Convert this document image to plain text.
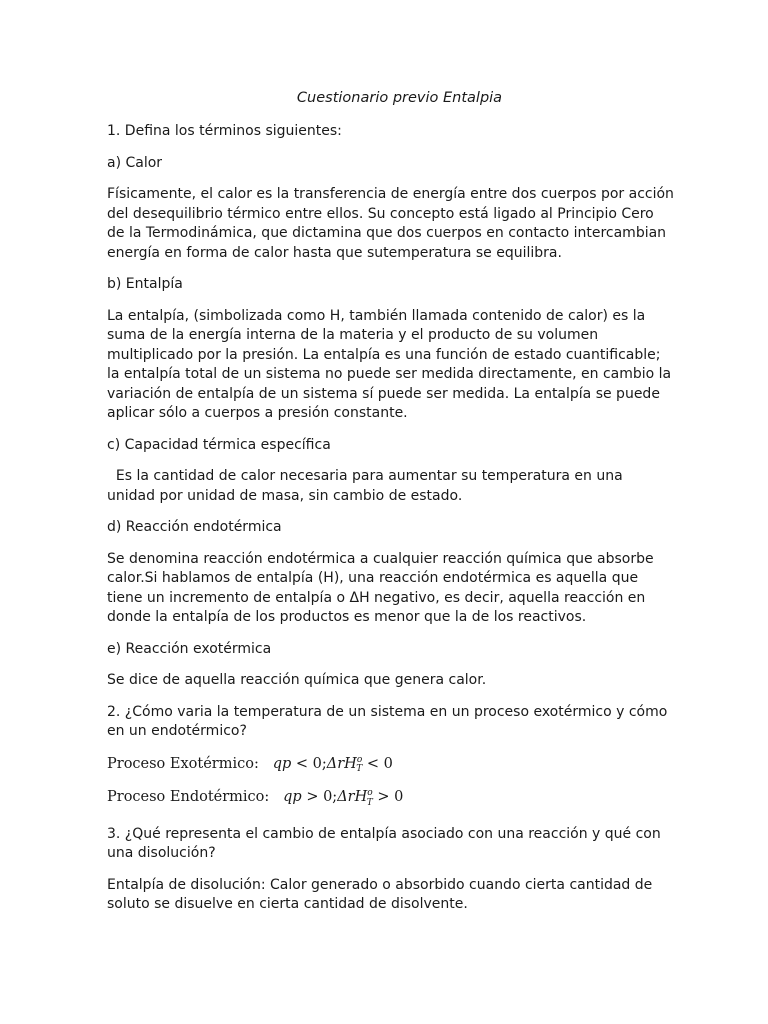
Cuestionario previo Entalpia

1. Defina los términos siguientes:

a) Calor

Físicamente, el calor es la transferencia de energía entre dos cuerpos por acción del desequilibrio térmico entre ellos. Su concepto está ligado al Principio Cero de la Termodinámica, que dictamina que dos cuerpos en contacto intercambian energía en forma de calor hasta que sutemperatura se equilibra.

b) Entalpía

La entalpía, (simbolizada como H, también llamada contenido de calor) es la suma de la energía interna de la materia y el producto de su volumen multiplicado por la presión. La entalpía es una función de estado cuantificable; la entalpía total de un sistema no puede ser medida directamente, en cambio la variación de entalpía de un sistema sí puede ser medida. La entalpía se puede aplicar sólo a cuerpos a presión constante.

c) Capacidad térmica específica

Es la cantidad de calor necesaria para aumentar su temperatura en una unidad por unidad de masa, sin cambio de estado.

d) Reacción endotérmica

Se denomina reacción endotérmica a cualquier reacción química que absorbe calor.Si hablamos de entalpía (H), una reacción endotérmica es aquella que tiene un incremento de entalpía o ΔH negativo, es decir, aquella reacción en donde la entalpía de los productos es menor que la de los reactivos.

e) Reacción exotérmica

Se dice de aquella reacción química que genera calor.

2. ¿Cómo varia la temperatura de un sistema en un proceso exotérmico y cómo en un endotérmico?

Proceso Exotérmico: qp < 0;ΔrH$^o_T$ < 0

Proceso Endotérmico: qp > 0;ΔrH$^o_T$ > 0

3. ¿Qué representa el cambio de entalpía asociado con una reacción y qué con una disolución?

Entalpía de disolución: Calor generado o absorbido cuando cierta cantidad de soluto se disuelve en cierta cantidad de disolvente.
